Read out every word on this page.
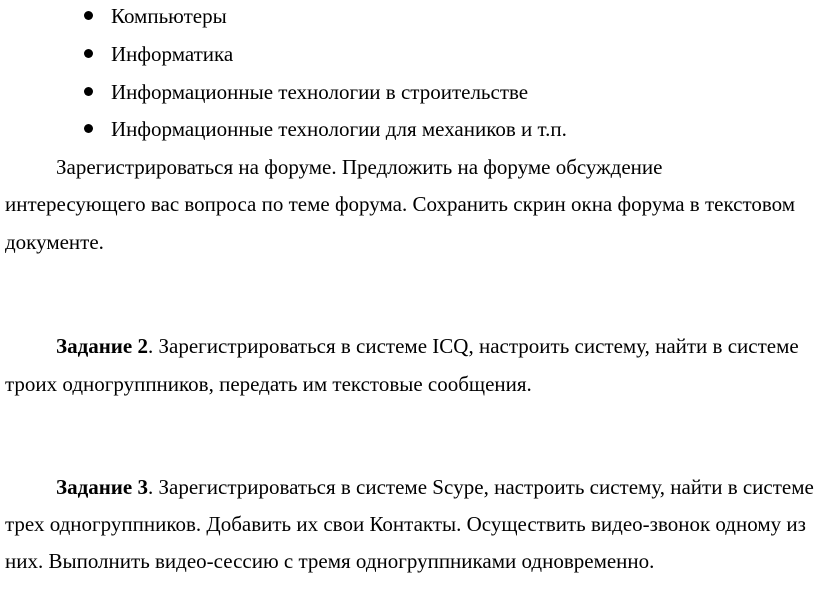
Компьютеры
Информатика
Информационные технологии в строительстве
Информационные технологии для механиков и т.п.
Зарегистрироваться на форуме. Предложить на форуме обсуждение
интересующего вас вопроса по теме форума. Сохранить скрин окна форума в текстовом
документе.
Задание 2. Зарегистрироваться в системе ICQ, настроить систему, найти в системе
троих одногруппников, передать им текстовые сообщения.
Задание 3. Зарегистрироваться в системе Scype, настроить систему, найти в системе
трех одногруппников. Добавить их свои Контакты. Осуществить видео-звонок одному из
них. Выполнить видео-сессию с тремя одногруппниками одновременно.
